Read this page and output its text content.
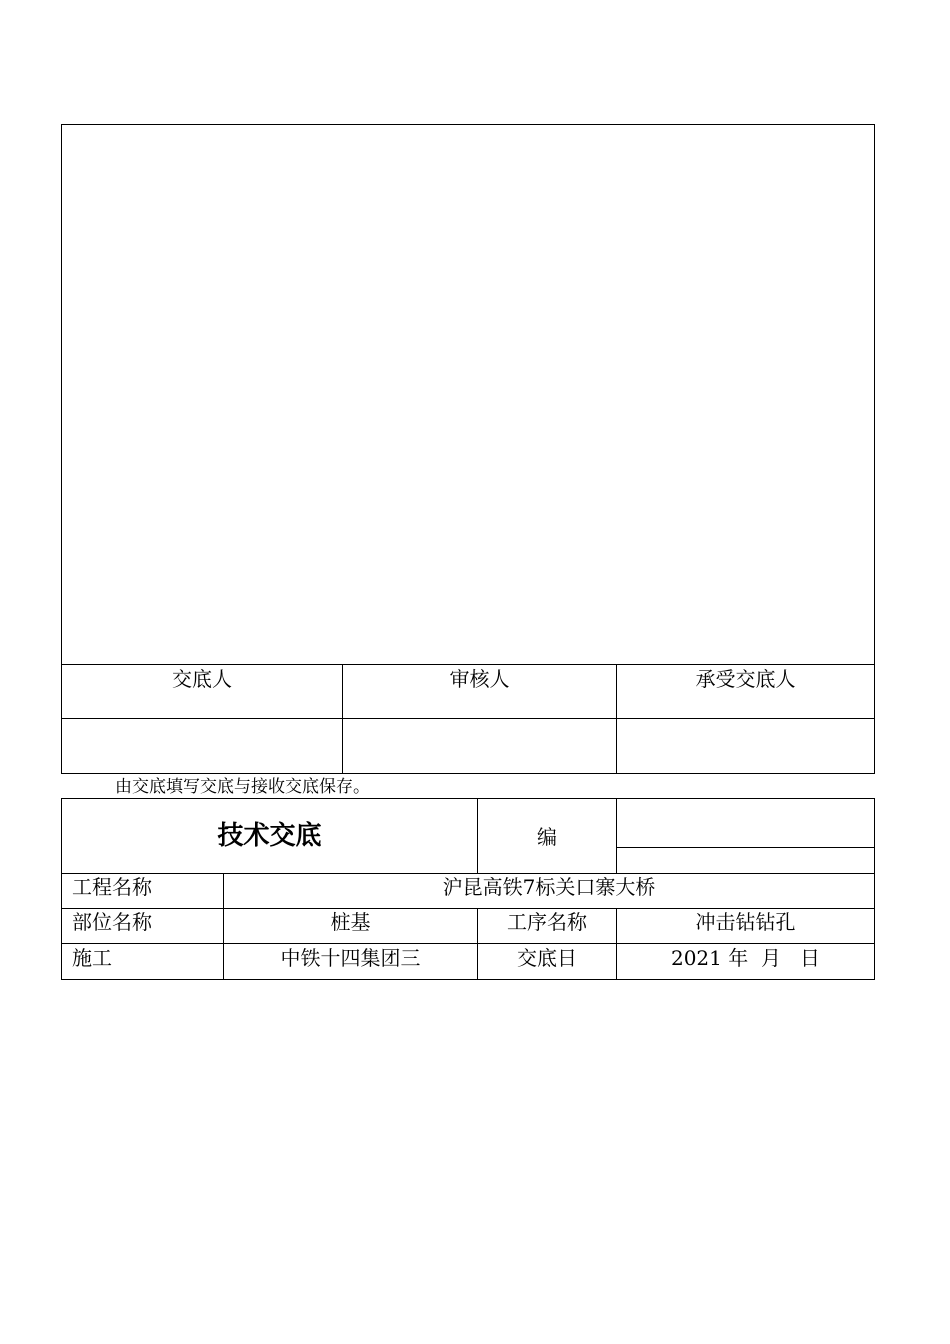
交底人	审核人	承受交底人
由交底填写交底与接收交底保存。
技术交底	编
工程名称	沪昆高铁7标关口寨大桥
部位名称	桩基	工序名称	冲击钻钻孔
施工	中铁十四集团三	交底日	2021 年  月   日
